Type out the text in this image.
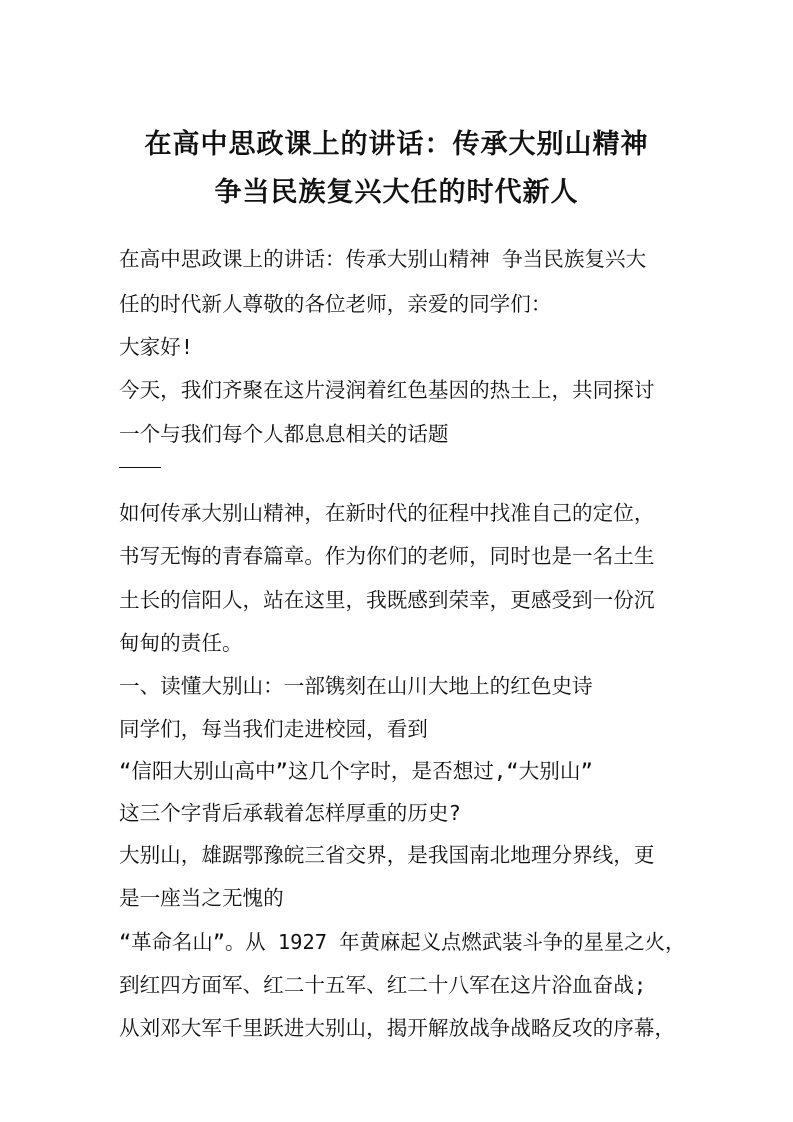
在高中思政课上的讲话：传承大别山精神
争当民族复兴大任的时代新人
在高中思政课上的讲话：传承大别山精神 争当民族复兴大
任的时代新人尊敬的各位老师，亲爱的同学们：
大家好!
今天，我们齐聚在这片浸润着红色基因的热土上，共同探讨
一个与我们每个人都息息相关的话题
如何传承大别山精神，在新时代的征程中找准自己的定位，
书写无悔的青春篇章。作为你们的老师，同时也是一名土生
土长的信阳人，站在这里，我既感到荣幸，更感受到一份沉
甸甸的责任。
一、读懂大别山：一部镌刻在山川大地上的红色史诗
同学们，每当我们走进校园，看到
“信阳大别山高中”这几个字时，是否想过,“大别山”
这三个字背后承载着怎样厚重的历史?
大别山，雄踞鄂豫皖三省交界，是我国南北地理分界线，更
是一座当之无愧的
“革命名山”。从 1927 年黄麻起义点燃武装斗争的星星之火，
到红四方面军、红二十五军、红二十八军在这片浴血奋战;
从刘邓大军千里跃进大别山，揭开解放战争战略反攻的序幕，
